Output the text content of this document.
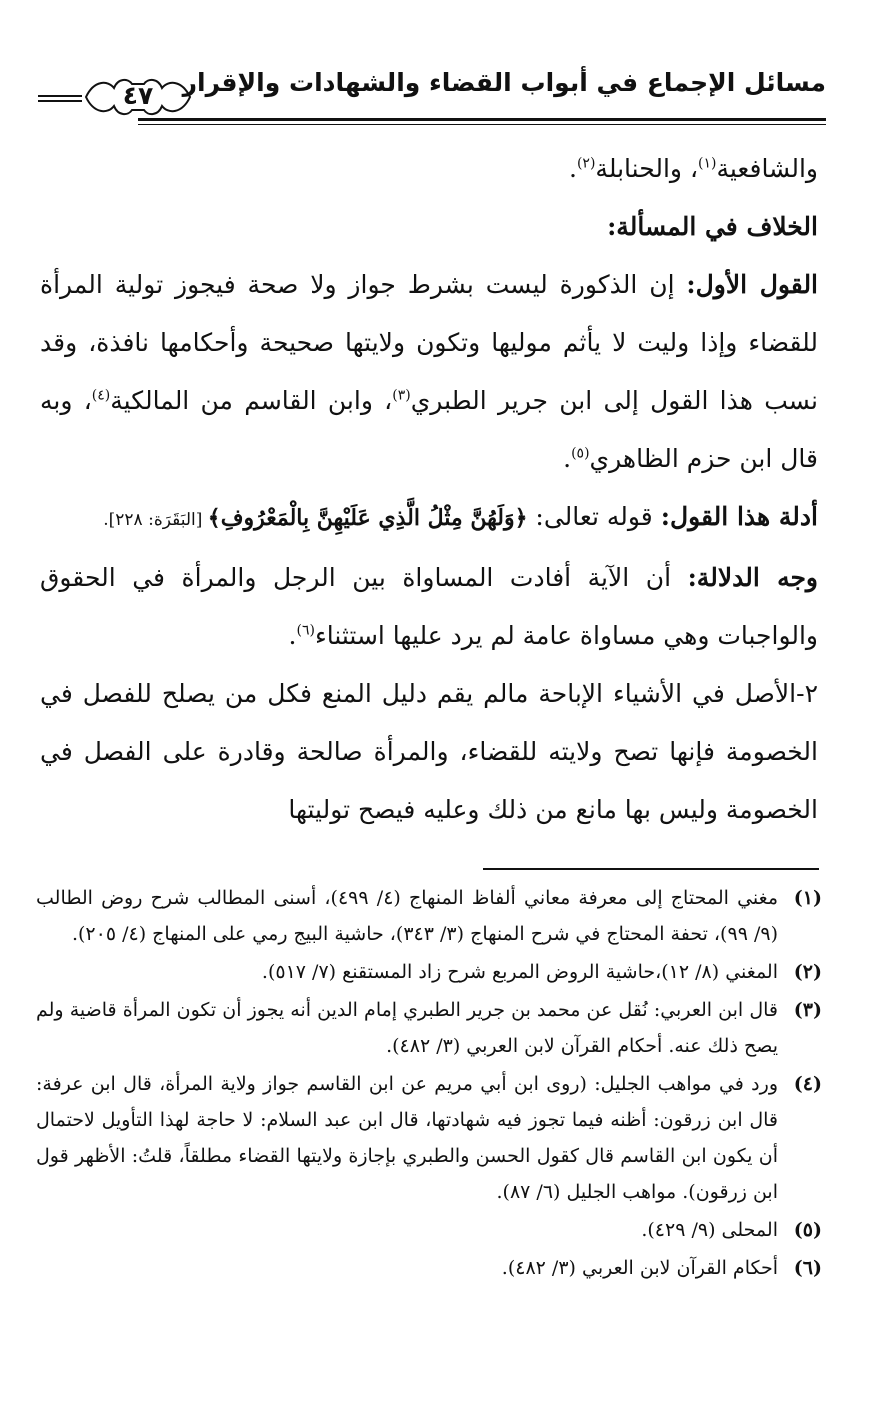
مسائل الإجماع في أبواب القضاء والشهادات والإقرار
٤٧

والشافعية$^{(١)}$، والحنابلة$^{(٢)}$.

الخلاف في المسألة:

القول الأول: إن الذكورة ليست بشرط جواز ولا صحة فيجوز تولية المرأة للقضاء وإذا وليت لا يأثم موليها وتكون ولايتها صحيحة وأحكامها نافذة، وقد نسب هذا القول إلى ابن جرير الطبري$^{(٣)}$، وابن القاسم من المالكية$^{(٤)}$، وبه قال ابن حزم الظاهري$^{(٥)}$.

أدلة هذا القول: قوله تعالى: ﴿وَلَهُنَّ مِثْلُ الَّذِي عَلَيْهِنَّ بِالْمَعْرُوفِ﴾ [البَقَرَة: ٢٢٨].

وجه الدلالة: أن الآية أفادت المساواة بين الرجل والمرأة في الحقوق والواجبات وهي مساواة عامة لم يرد عليها استثناء$^{(٦)}$.

٢-الأصل في الأشياء الإباحة مالم يقم دليل المنع فكل من يصلح للفصل في الخصومة فإنها تصح ولايته للقضاء، والمرأة صالحة وقادرة على الفصل في الخصومة وليس بها مانع من ذلك وعليه فيصح توليتها

(١)
مغني المحتاج إلى معرفة معاني ألفاظ المنهاج (٤/ ٤٩٩)، أسنى المطالب شرح روض الطالب (٩/ ٩٩)، تحفة المحتاج في شرح المنهاج (٣/ ٣٤٣)، حاشية البيج رمي على المنهاج (٤/ ٢٠٥).
(٢)
المغني (٨/ ١٢)،حاشية الروض المربع شرح زاد المستقنع (٧/ ٥١٧).
(٣)
قال ابن العربي: نُقل عن محمد بن جرير الطبري إمام الدين أنه يجوز أن تكون المرأة قاضية ولم يصح ذلك عنه. أحكام القرآن لابن العربي (٣/ ٤٨٢).
(٤)
ورد في مواهب الجليل: (روى ابن أبي مريم عن ابن القاسم جواز ولاية المرأة، قال ابن عرفة: قال ابن زرقون: أظنه فيما تجوز فيه شهادتها، قال ابن عبد السلام: لا حاجة لهذا التأويل لاحتمال أن يكون ابن القاسم قال كقول الحسن والطبري بإجازة ولايتها القضاء مطلقاً، قلتُ: الأظهر قول ابن زرقون). مواهب الجليل (٦/ ٨٧).
(٥)
المحلى (٩/ ٤٢٩).
(٦)
أحكام القرآن لابن العربي (٣/ ٤٨٢).
